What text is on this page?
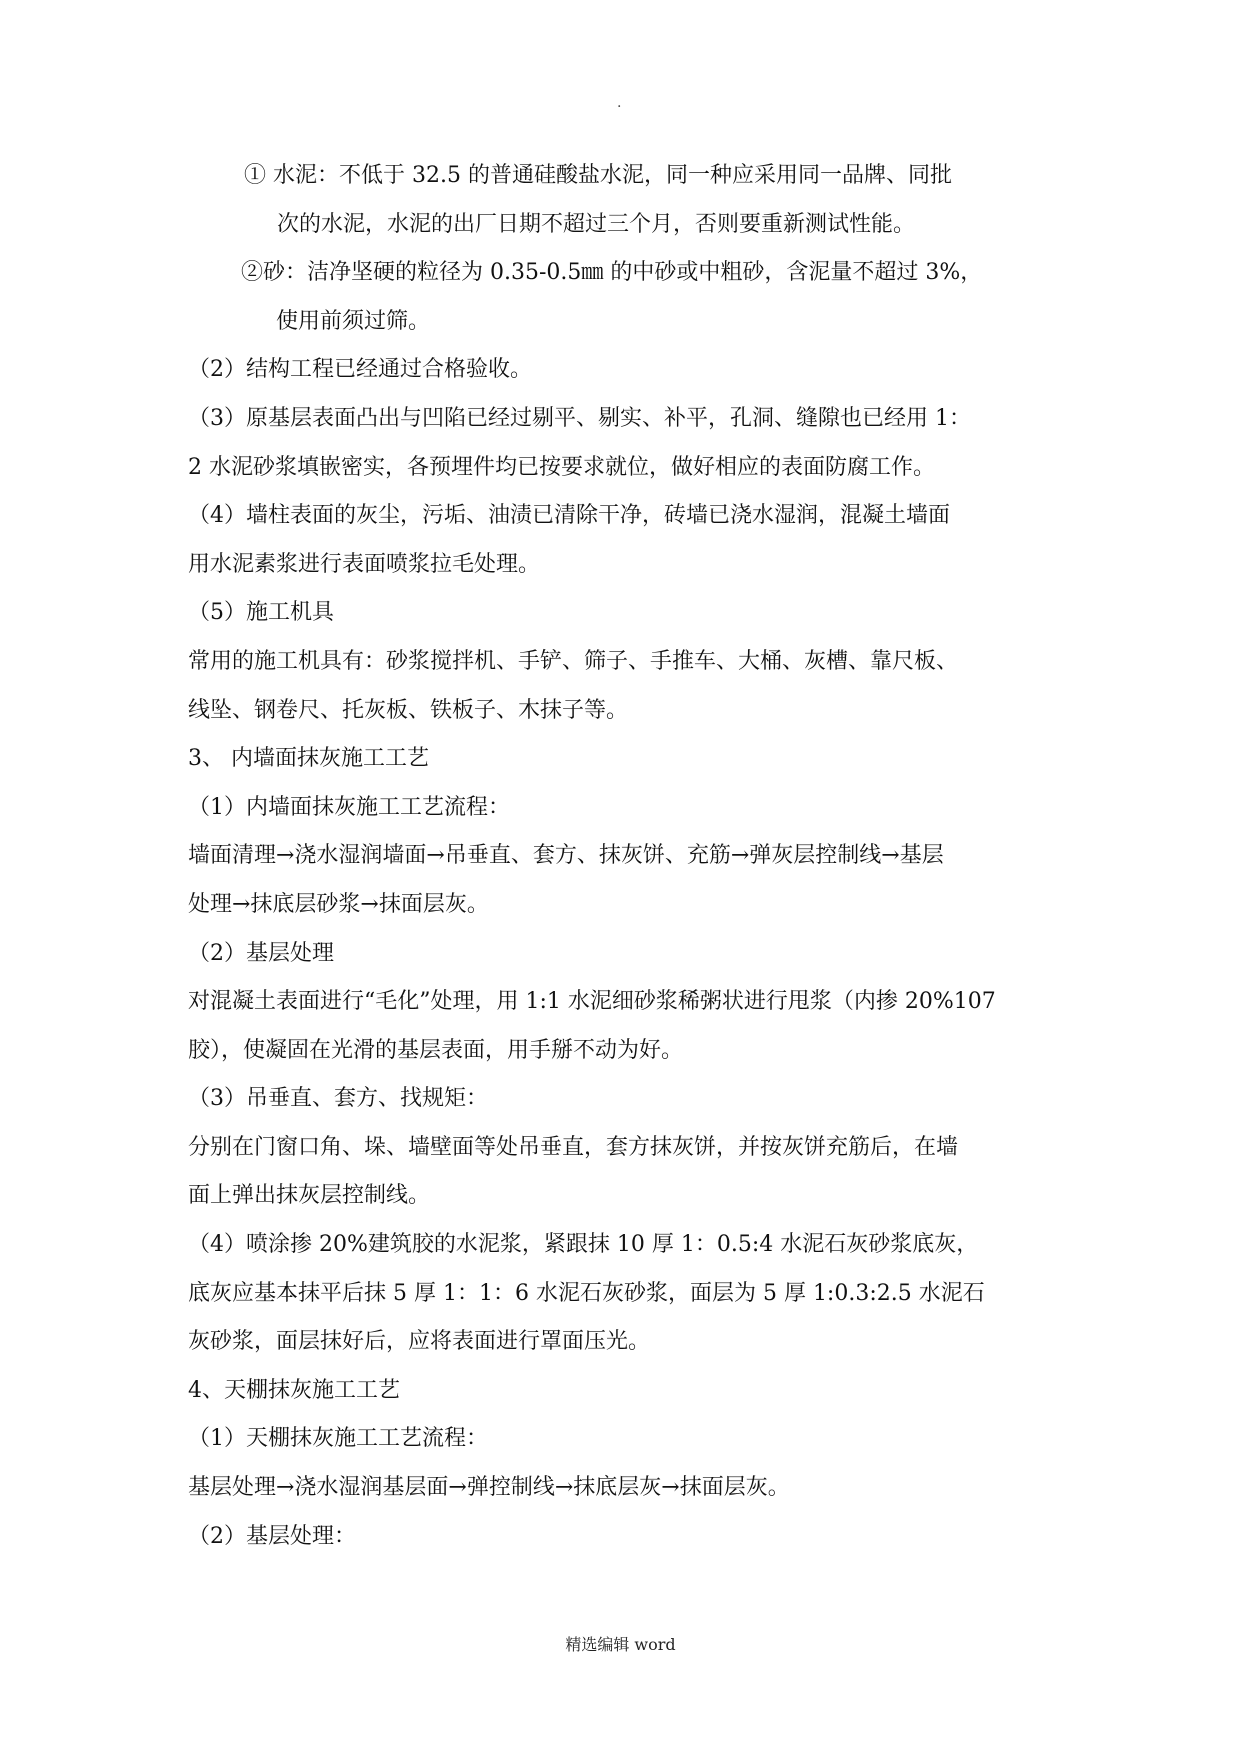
.
① 水泥：不低于 32.5 的普通硅酸盐水泥，同一种应采用同一品牌、同批
次的水泥，水泥的出厂日期不超过三个月，否则要重新测试性能。
②砂：洁净坚硬的粒径为 0.35-0.5㎜ 的中砂或中粗砂，含泥量不超过 3%，
使用前须过筛。
（2）结构工程已经通过合格验收。
（3）原基层表面凸出与凹陷已经过剔平、剔实、补平，孔洞、缝隙也已经用 1：
2 水泥砂浆填嵌密实，各预埋件均已按要求就位，做好相应的表面防腐工作。
（4）墙柱表面的灰尘，污垢、油渍已清除干净，砖墙已浇水湿润，混凝土墙面
用水泥素浆进行表面喷浆拉毛处理。
（5）施工机具
常用的施工机具有：砂浆搅拌机、手铲、筛子、手推车、大桶、灰槽、靠尺板、
线坠、钢卷尺、托灰板、铁板子、木抹子等。
3、 内墙面抹灰施工工艺
（1）内墙面抹灰施工工艺流程：
墙面清理→浇水湿润墙面→吊垂直、套方、抹灰饼、充筋→弹灰层控制线→基层
处理→抹底层砂浆→抹面层灰。
（2）基层处理
对混凝土表面进行“毛化”处理，用 1:1 水泥细砂浆稀粥状进行甩浆（内掺 20%107
胶），使凝固在光滑的基层表面，用手掰不动为好。
（3）吊垂直、套方、找规矩：
分别在门窗口角、垛、墙壁面等处吊垂直，套方抹灰饼，并按灰饼充筋后，在墙
面上弹出抹灰层控制线。
（4）喷涂掺 20%建筑胶的水泥浆，紧跟抹 10 厚 1：0.5:4 水泥石灰砂浆底灰，
底灰应基本抹平后抹 5 厚 1：1：6 水泥石灰砂浆，面层为 5 厚 1:0.3:2.5 水泥石
灰砂浆，面层抹好后，应将表面进行罩面压光。
4、天棚抹灰施工工艺
（1）天棚抹灰施工工艺流程：
基层处理→浇水湿润基层面→弹控制线→抹底层灰→抹面层灰。
（2）基层处理：
精选编辑 word
